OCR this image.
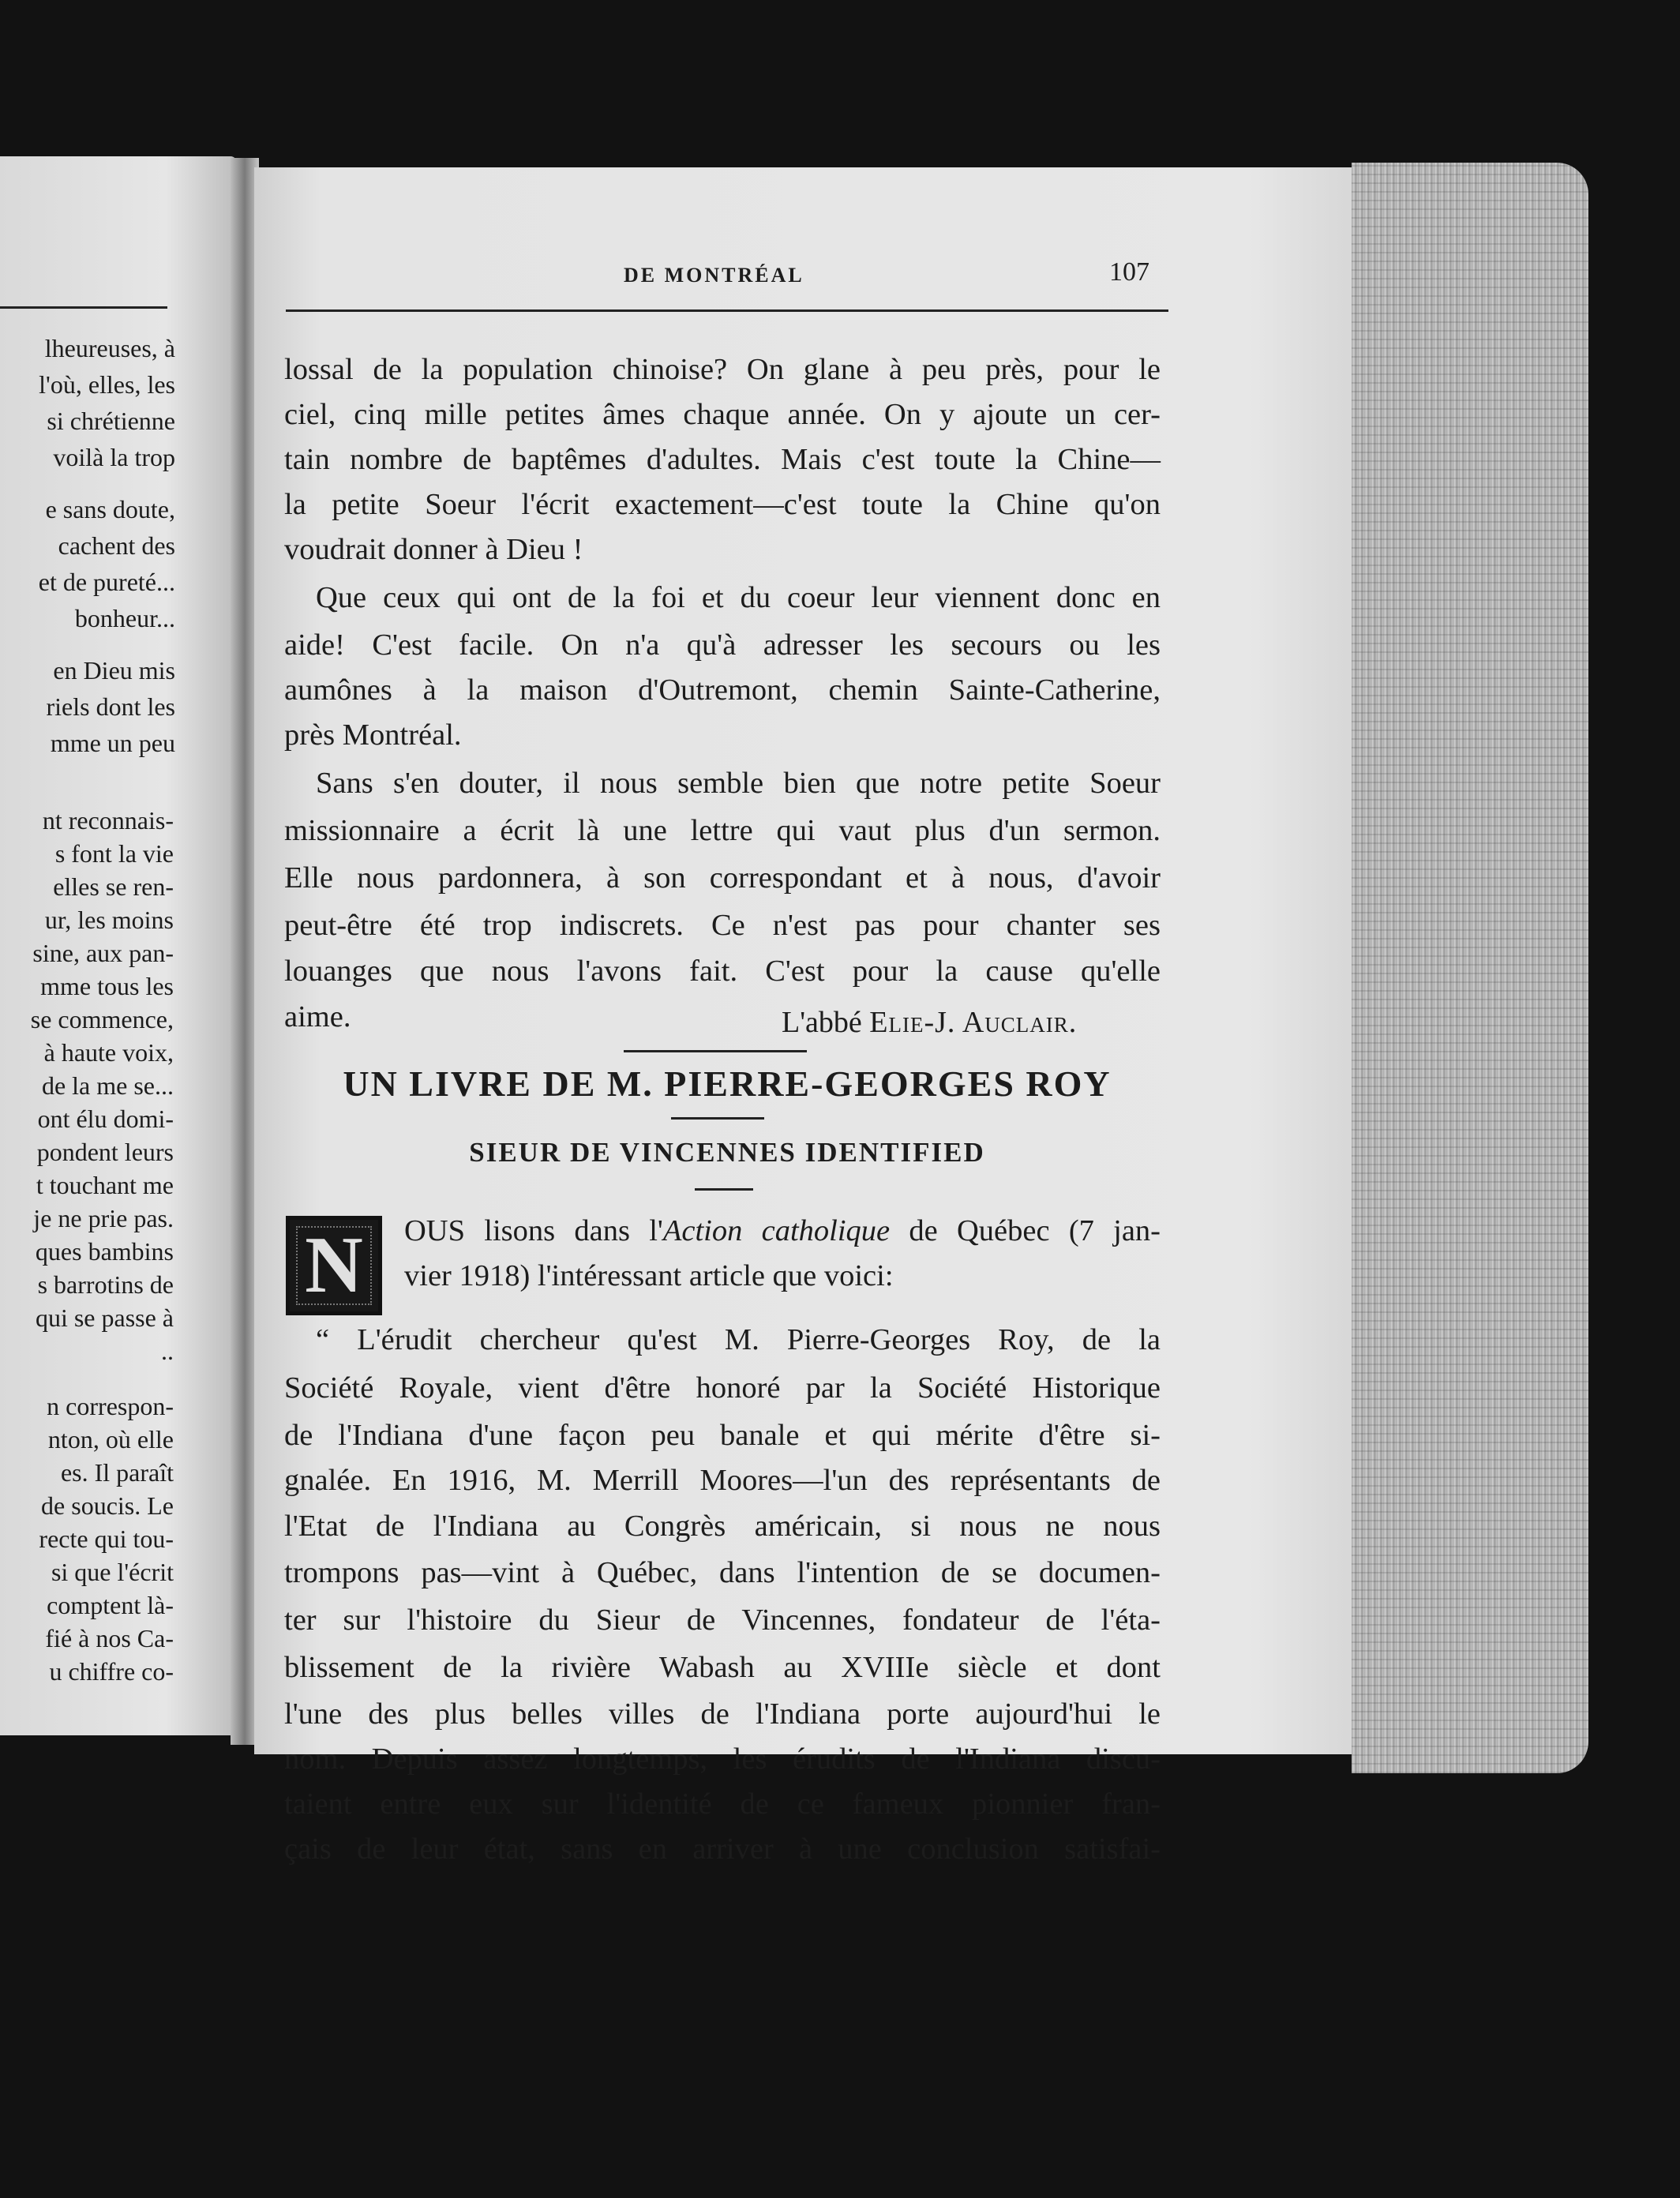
lheureuses, à
l'où, elles, les
si chrétienne
voilà la trop
e sans doute,
cachent des
et de pureté...
bonheur...
en Dieu mis
riels dont les
mme un peu
nt reconnais-
s font la vie
elles se ren-
ur, les moins
sine, aux pan-
mme tous les
se commence,
à haute voix,
de la me se...
ont élu domi-
pondent leurs
t touchant me
je ne prie pas.
ques bambins
s barrotins de
qui se passe à
..
n correspon-
nton, où elle
es. Il paraît
de soucis. Le
recte qui tou-
si que l'écrit
comptent là-
fié à nos Ca-
u chiffre co-
DE MONTRÉAL	107
lossal de la population chinoise? On glane à peu près, pour le
ciel, cinq mille petites âmes chaque année. On y ajoute un cer-
tain nombre de baptêmes d'adultes. Mais c'est toute la Chine—
la petite Soeur l'écrit exactement—c'est toute la Chine qu'on
voudrait donner à Dieu !
Que ceux qui ont de la foi et du coeur leur viennent donc en
aide! C'est facile. On n'a qu'à adresser les secours ou les
aumônes à la maison d'Outremont, chemin Sainte-Catherine,
près Montréal.
Sans s'en douter, il nous semble bien que notre petite Soeur
missionnaire a écrit là une lettre qui vaut plus d'un sermon.
Elle nous pardonnera, à son correspondant et à nous, d'avoir
peut-être été trop indiscrets. Ce n'est pas pour chanter ses
louanges que nous l'avons fait. C'est pour la cause qu'elle
aime.	L'abbé Elie-J. Auclair.
UN LIVRE DE M. PIERRE-GEORGES ROY
SIEUR DE VINCENNES IDENTIFIED
N	OUS lisons dans l'Action catholique de Québec (7 jan-
vier 1918) l'intéressant article que voici:
“ L'érudit chercheur qu'est M. Pierre-Georges Roy, de la
Société Royale, vient d'être honoré par la Société Historique
de l'Indiana d'une façon peu banale et qui mérite d'être si-
gnalée. En 1916, M. Merrill Moores—l'un des représentants de
l'Etat de l'Indiana au Congrès américain, si nous ne nous
trompons pas—vint à Québec, dans l'intention de se documen-
ter sur l'histoire du Sieur de Vincennes, fondateur de l'éta-
blissement de la rivière Wabash au XVIIIe siècle et dont
l'une des plus belles villes de l'Indiana porte aujourd'hui le
nom. Depuis assez longtemps, les érudits de l'Indiana discu-
taient entre eux sur l'identité de ce fameux pionnier fran-
çais de leur état, sans en arriver à une conclusion satisfai-
